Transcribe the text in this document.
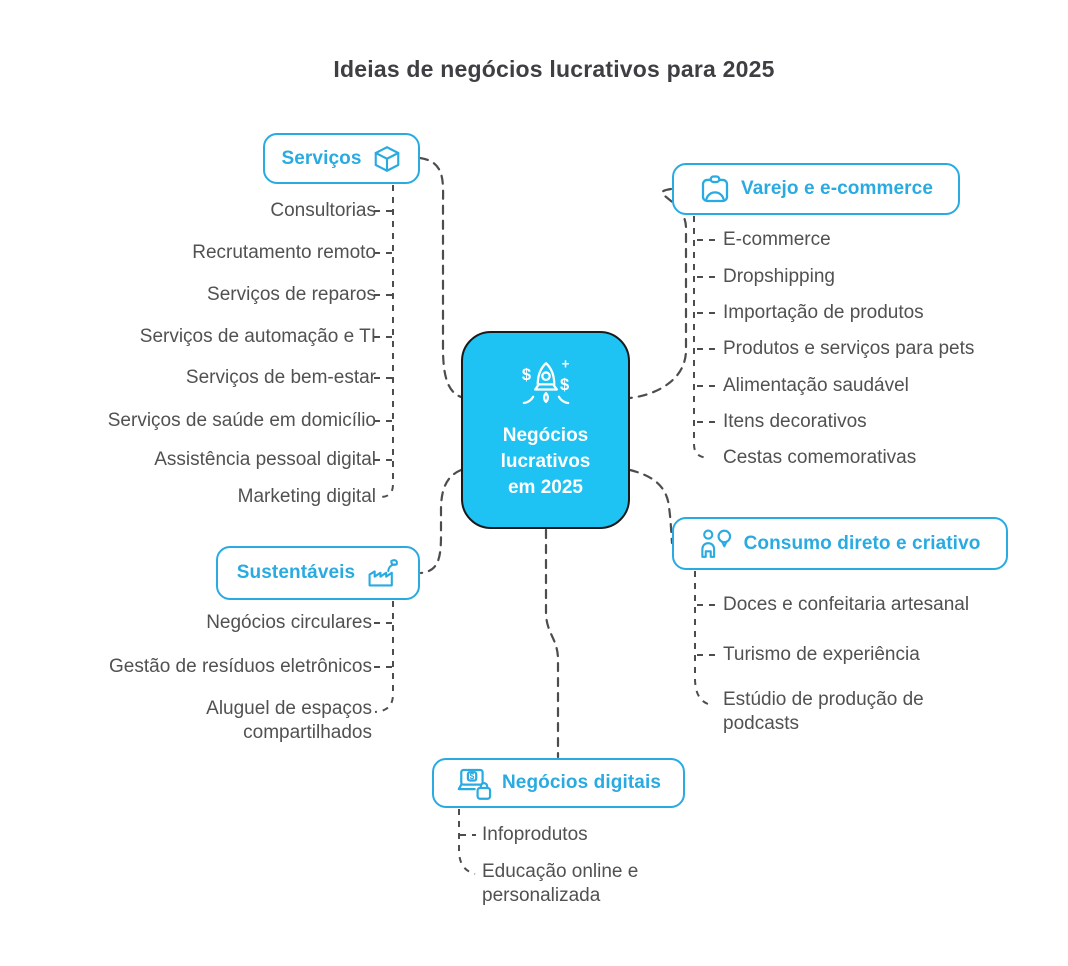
Ideias de negócios lucrativos para 2025
$
$
+
Negócios
lucrativos
em 2025
Serviços
Varejo e e-commerce
Sustentáveis
Consumo direto e criativo
$ Negócios digitais
Consultorias
Recrutamento remoto
Serviços de reparos
Serviços de automação e TI
Serviços de bem-estar
Serviços de saúde em domicílio
Assistência pessoal digital
Marketing digital
E-commerce
Dropshipping
Importação de produtos
Produtos e serviços para pets
Alimentação saudável
Itens decorativos
Cestas comemorativas
Negócios circulares
Gestão de resíduos eletrônicos
Aluguel de espaços compartilhados
Doces e confeitaria artesanal
Turismo de experiência
Estúdio de produção de podcasts
Infoprodutos
Educação online e personalizada
